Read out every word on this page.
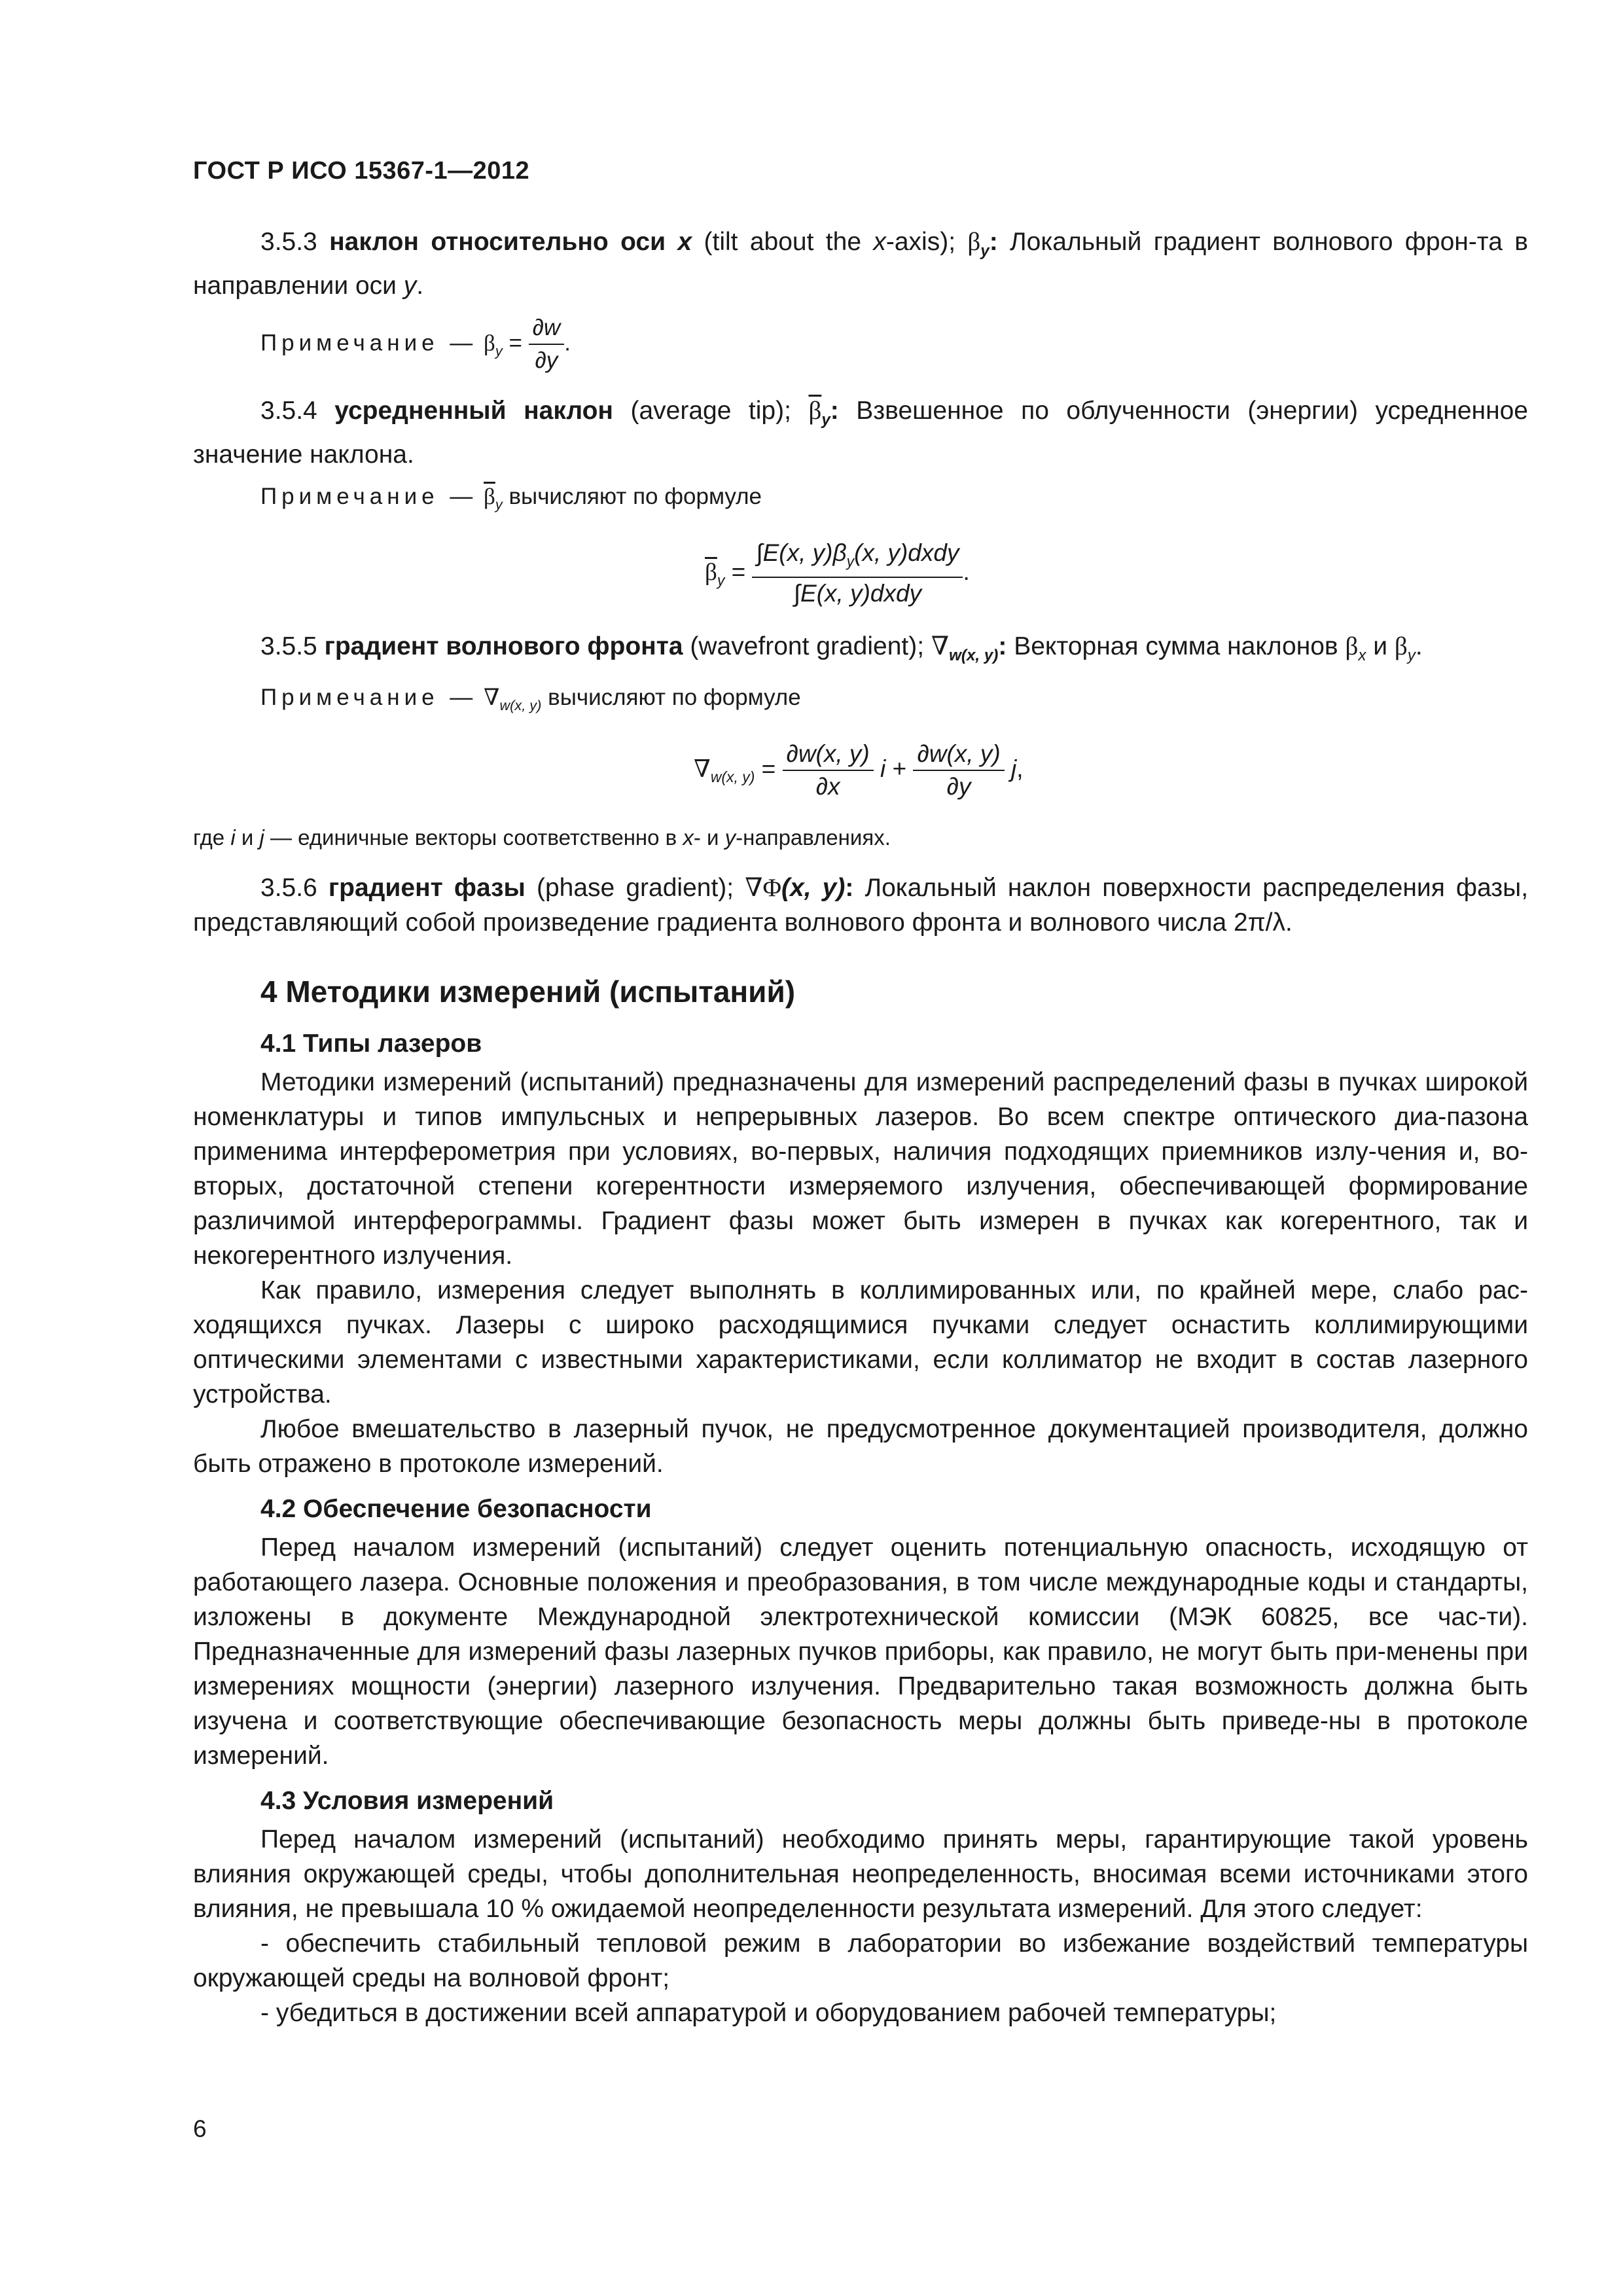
ГОСТ Р ИСО 15367-1—2012

3.5.3 наклон относительно оси x (tilt about the x-axis); $\beta_y$: Локальный градиент волнового фрон-та в направлении оси y.

Примечание — $\beta_y = \frac{\partial w}{\partial y}$ .

3.5.4 усредненный наклон (average tip); $\overline{\beta}_y$: Взвешенное по облученности (энергии) усредненное значение наклона.

Примечание — $\overline{\beta}_y$ вычисляют по формуле
$\overline{\beta}_y = \frac{\int E(x, y)\beta_y(x, y)dxdy}{\text{∫E(x, y)dxdy}}$ .

3.5.5 градиент волнового фронта (wavefront gradient); $\nabla_{w(x, y)}$: Векторная сумма наклонов $\beta_x$ и $\beta_y$.

Примечание — $\nabla_{w(x, y)}$ вычисляют по формуле
$\nabla_{w(x, y)} = \frac{\partial w(x, y)}{\partial x}$ $i + \frac{\partial w(x, y)}{\partial y} j$,

где i и j — единичные векторы соответственно в x- и y-направлениях.

3.5.6 градиент фазы (phase gradient); ∇Φ(x, y): Локальный наклон поверхности распределения фазы, представляющий собой произведение градиента волнового фронта и волнового числа 2π/λ.

4 Методики измерений (испытаний)
4.1 Типы лазеров

Методики измерений (испытаний) предназначены для измерений распределений фазы в пучках широкой номенклатуры и типов импульсных и непрерывных лазеров. Во всем спектре оптического диа-пазона применима интерферометрия при условиях, во-первых, наличия подходящих приемников излу-чения и, во-вторых, достаточной степени когерентности измеряемого излучения, обеспечивающей формирование различимой интерферограммы. Градиент фазы может быть измерен в пучках как когерентного, так и некогерентного излучения.

Как правило, измерения следует выполнять в коллимированных или, по крайней мере, слабо рас-ходящихся пучках. Лазеры с широко расходящимися пучками следует оснастить коллимирующими оптическими элементами с известными характеристиками, если коллиматор не входит в состав лазерного устройства.

Любое вмешательство в лазерный пучок, не предусмотренное документацией производителя, должно быть отражено в протоколе измерений.

4.2 Обеспечение безопасности

Перед началом измерений (испытаний) следует оценить потенциальную опасность, исходящую от работающего лазера. Основные положения и преобразования, в том числе международные коды и стандарты, изложены в документе Международной электротехнической комиссии (МЭК 60825, все час-ти). Предназначенные для измерений фазы лазерных пучков приборы, как правило, не могут быть при-менены при измерениях мощности (энергии) лазерного излучения. Предварительно такая возможность должна быть изучена и соответствующие обеспечивающие безопасность меры должны быть приведе-ны в протоколе измерений.

4.3 Условия измерений

Перед началом измерений (испытаний) необходимо принять меры, гарантирующие такой уровень влияния окружающей среды, чтобы дополнительная неопределенность, вносимая всеми источниками этого влияния, не превышала 10 % ожидаемой неопределенности результата измерений. Для этого следует:

- обеспечить стабильный тепловой режим в лаборатории во избежание воздействий температуры окружающей среды на волновой фронт;

- убедиться в достижении всей аппаратурой и оборудованием рабочей температуры;

6
